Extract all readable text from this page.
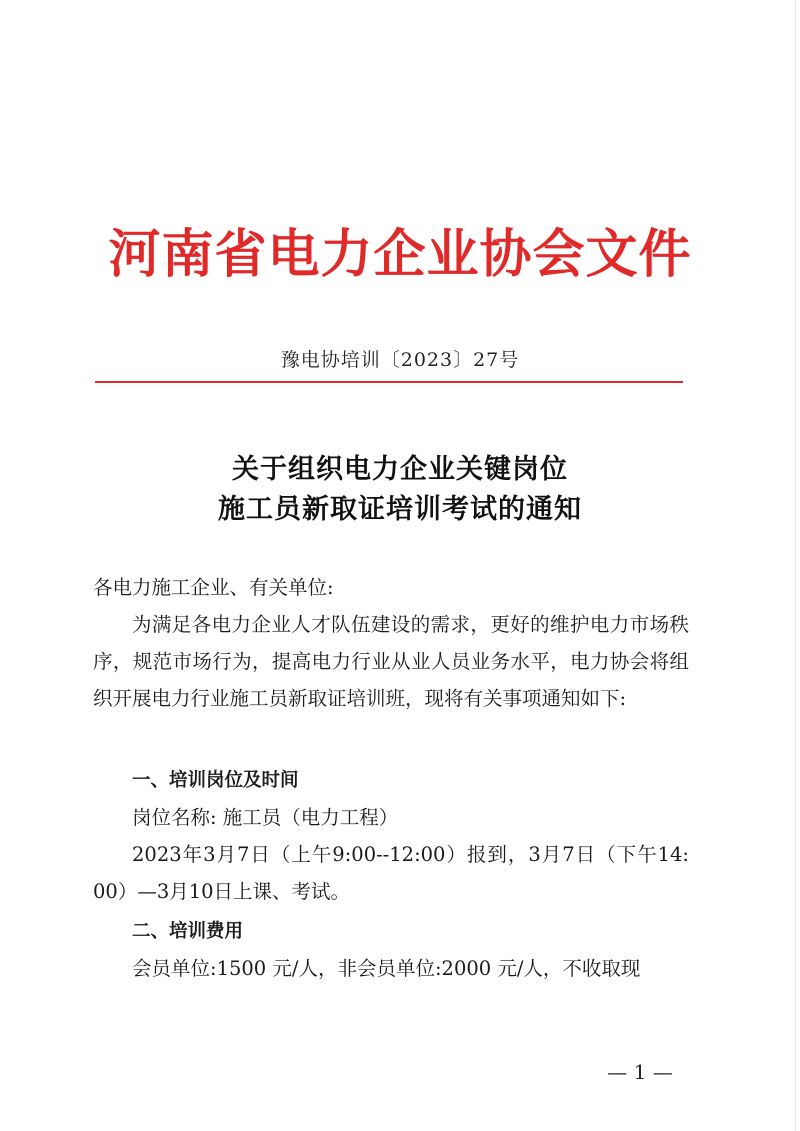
河南省电力企业协会文件
豫电协培训〔2023〕27号
关于组织电力企业关键岗位
施工员新取证培训考试的通知
各电力施工企业、有关单位:
为满足各电力企业人才队伍建设的需求，更好的维护电力市场秩序，规范市场行为，提高电力行业从业人员业务水平，电力协会将组织开展电力行业施工员新取证培训班，现将有关事项通知如下:
一、培训岗位及时间
岗位名称: 施工员（电力工程）
2023年3月7日（上午9:00--12:00）报到，3月7日（下午14: 00）—3月10日上课、考试。
二、培训费用
会员单位:1500 元/人，非会员单位:2000 元/人，不收取现
— 1 —
